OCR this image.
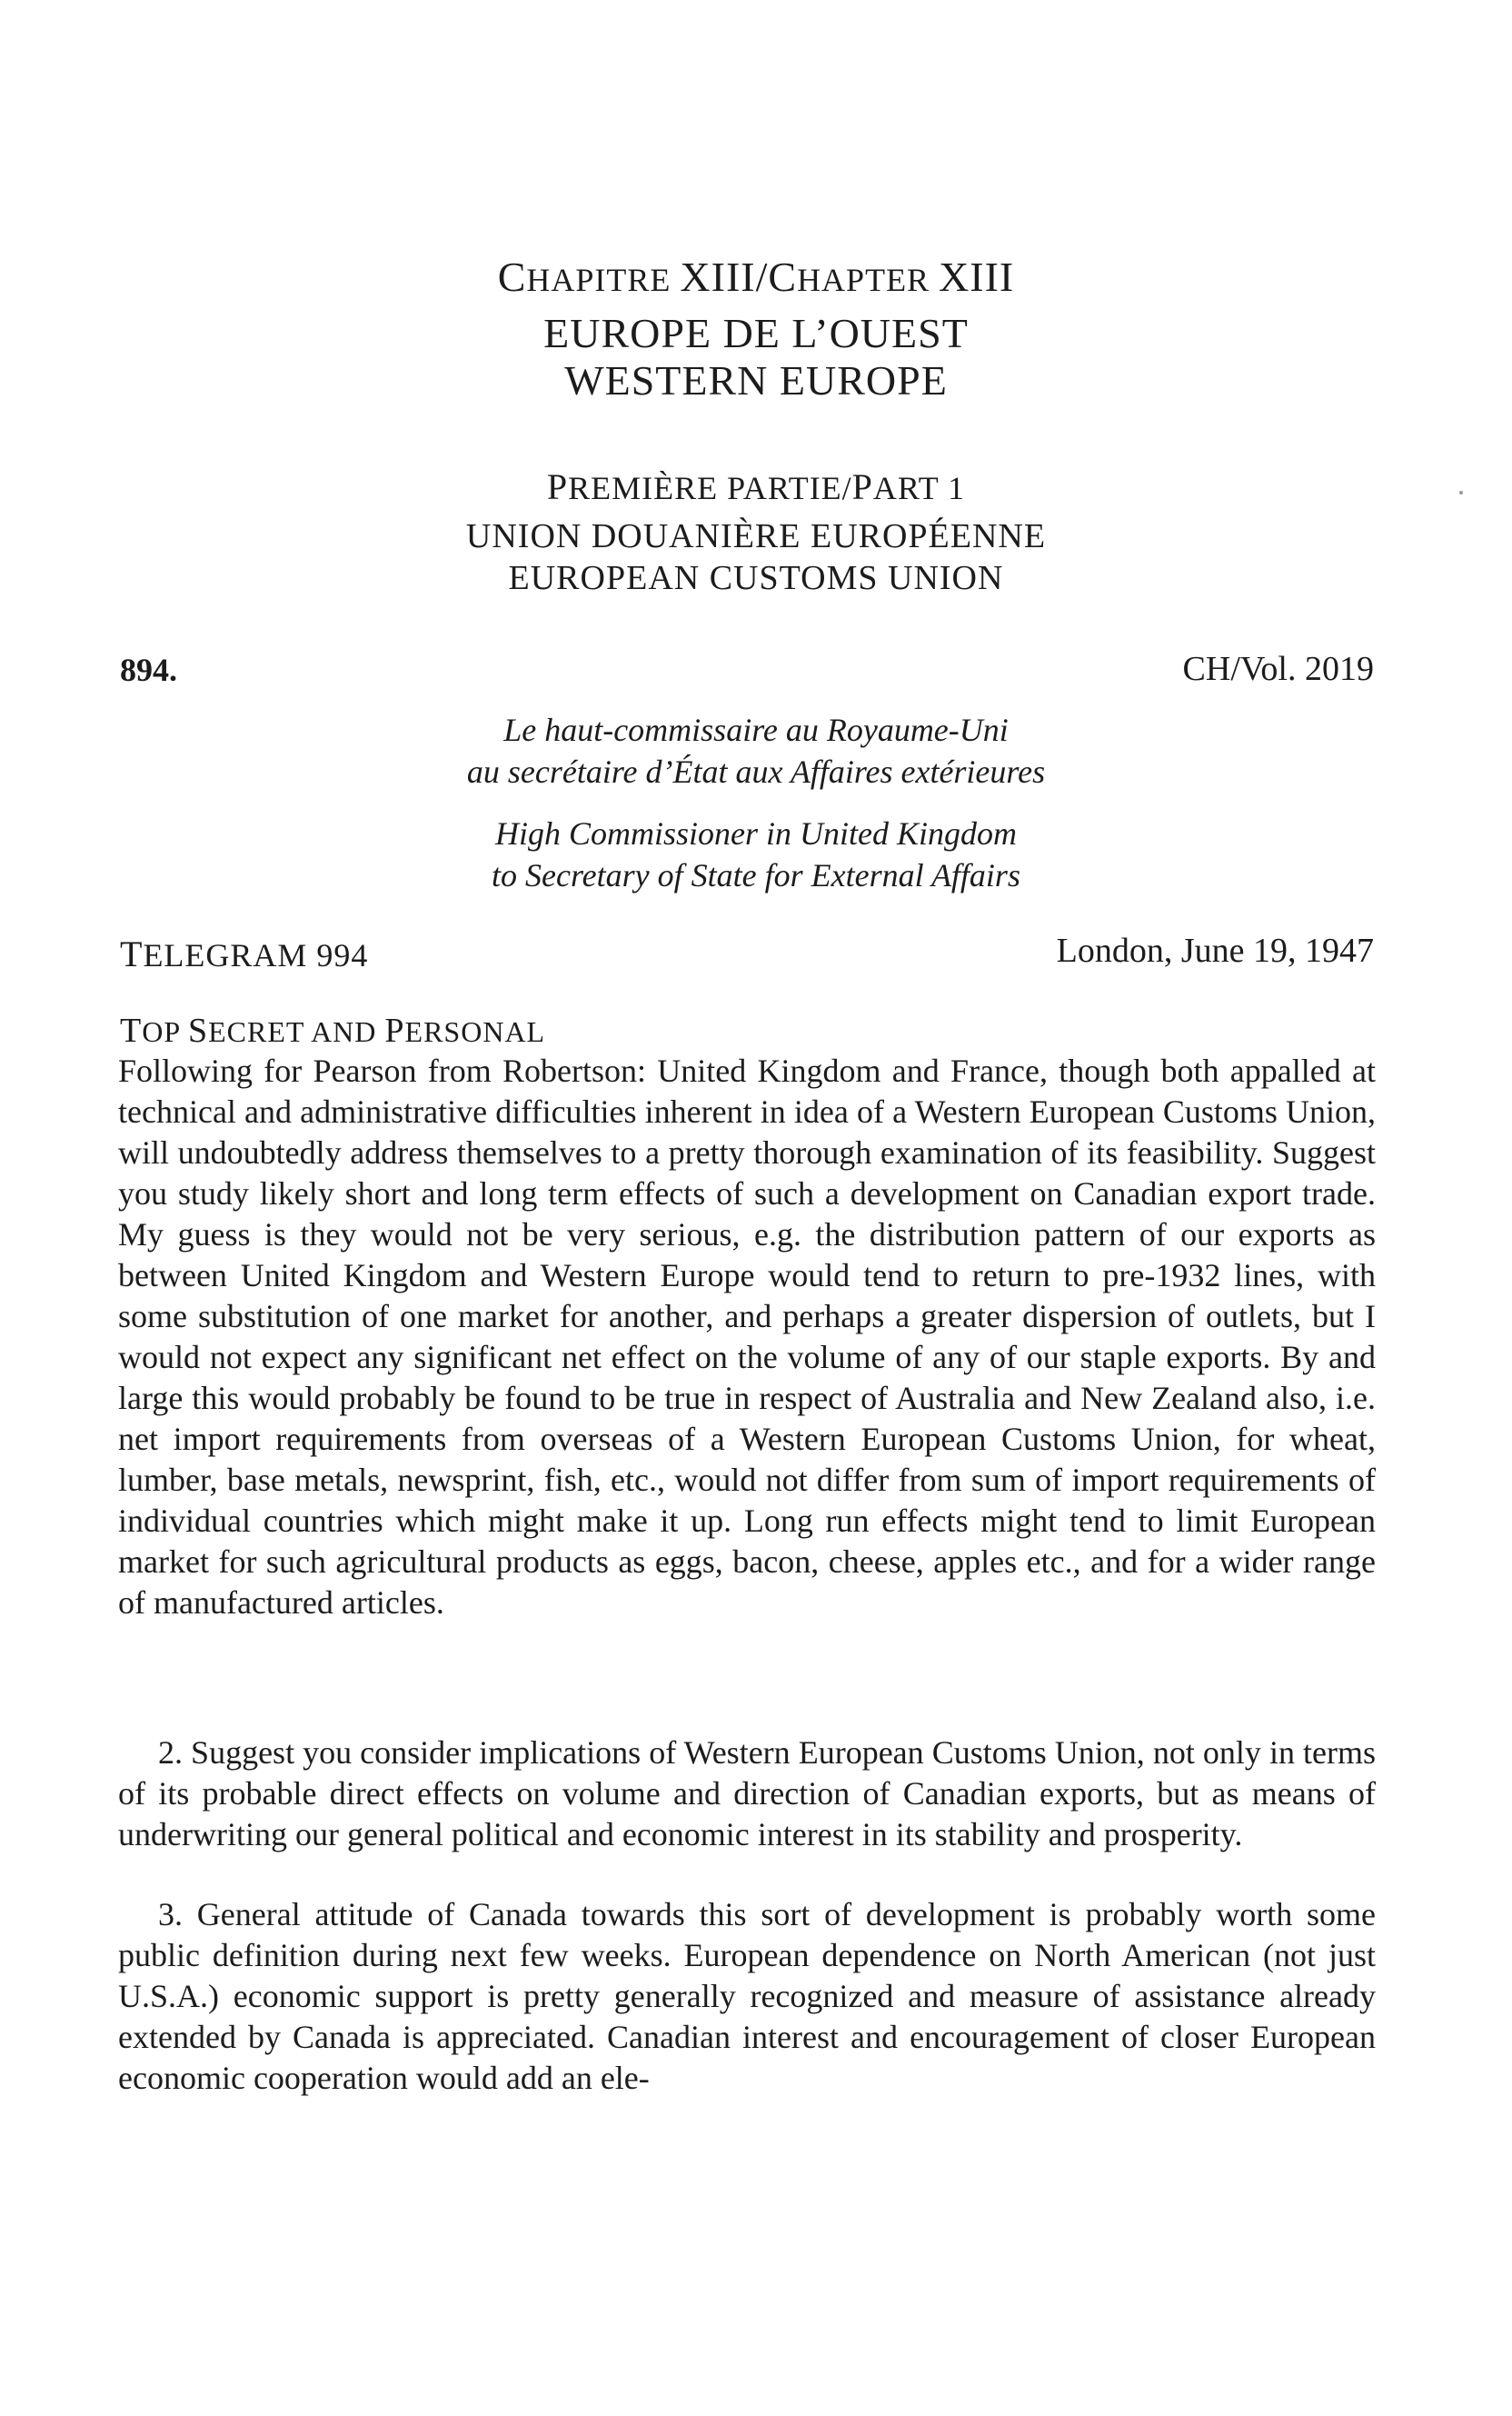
CHAPITRE XIII/CHAPTER XIII
EUROPE DE L’OUEST
WESTERN EUROPE
PREMIÈRE PARTIE/PART 1
UNION DOUANIÈRE EUROPÉENNE
EUROPEAN CUSTOMS UNION
894.	CH/Vol. 2019
Le haut-commissaire au Royaume-Uni
au secrétaire d’État aux Affaires extérieures
High Commissioner in United Kingdom
to Secretary of State for External Affairs
TELEGRAM 994	London, June 19, 1947
TOP SECRET AND PERSONAL
Following for Pearson from Robertson: United Kingdom and France, though both appalled at technical and administrative difficulties inherent in idea of a Western European Customs Union, will undoubtedly address themselves to a pretty thorough examination of its feasibility. Suggest you study likely short and long term effects of such a development on Canadian export trade. My guess is they would not be very serious, e.g. the distribution pattern of our exports as between United Kingdom and Western Europe would tend to return to pre-1932 lines, with some substitution of one market for another, and perhaps a greater dispersion of outlets, but I would not expect any significant net effect on the volume of any of our staple exports. By and large this would probably be found to be true in respect of Australia and New Zealand also, i.e. net import requirements from overseas of a Western European Customs Union, for wheat, lumber, base metals, newsprint, fish, etc., would not differ from sum of import requirements of individual countries which might make it up. Long run effects might tend to limit European market for such agricultural products as eggs, bacon, cheese, apples etc., and for a wider range of manufactured articles.
2. Suggest you consider implications of Western European Customs Union, not only in terms of its probable direct effects on volume and direction of Canadian exports, but as means of underwriting our general political and economic interest in its stability and prosperity.
3. General attitude of Canada towards this sort of development is probably worth some public definition during next few weeks. European dependence on North American (not just U.S.A.) economic support is pretty generally recognized and measure of assistance already extended by Canada is appreciated. Canadian interest and encouragement of closer European economic cooperation would add an ele-
